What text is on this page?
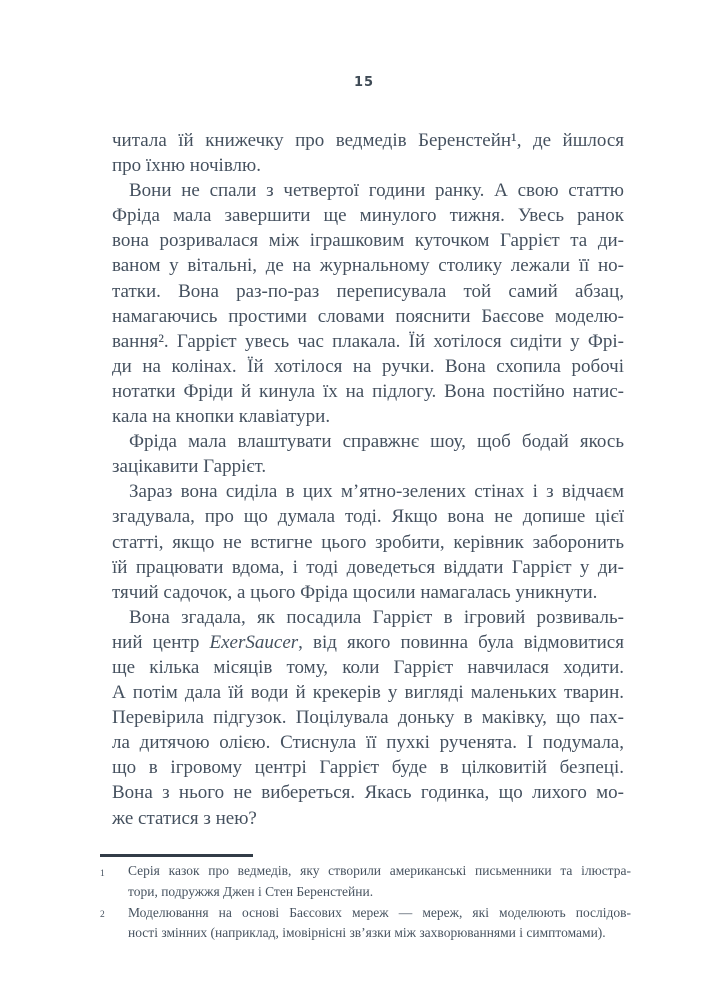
15
читала їй книжечку про ведмедів Беренстейн¹, де йшлося
про їхню ночівлю.
Вони не спали з четвертої години ранку. А свою статтю
Фріда мала завершити ще минулого тижня. Увесь ранок
вона розривалася між іграшковим куточком Гаррієт та ди-
ваном у вітальні, де на журнальному столику лежали її но-
татки. Вона раз-по-раз переписувала той самий абзац,
намагаючись простими словами пояснити Баєсове моделю-
вання². Гаррієт увесь час плакала. Їй хотілося сидіти у Фрі-
ди на колінах. Їй хотілося на ручки. Вона схопила робочі
нотатки Фріди й кинула їх на підлогу. Вона постійно натис-
кала на кнопки клавіатури.
Фріда мала влаштувати справжнє шоу, щоб бодай якось
зацікавити Гаррієт.
Зараз вона сиділа в цих м’ятно-зелених стінах і з відчаєм
згадувала, про що думала тоді. Якщо вона не допише цієї
статті, якщо не встигне цього зробити, керівник заборонить
їй працювати вдома, і тоді доведеться віддати Гаррієт у ди-
тячий садочок, а цього Фріда щосили намагалась уникнути.
Вона згадала, як посадила Гаррієт в ігровий розвиваль-
ний центр ExerSaucer, від якого повинна була відмовитися
ще кілька місяців тому, коли Гаррієт навчилася ходити.
А потім дала їй води й крекерів у вигляді маленьких тварин.
Перевірила підгузок. Поцілувала доньку в маківку, що пах-
ла дитячою олією. Стиснула її пухкі рученята. І подумала,
що в ігровому центрі Гаррієт буде в цілковитій безпеці.
Вона з нього не вибереться. Якась годинка, що лихого мо-
же статися з нею?
1	Серія казок про ведмедів, яку створили американські письменники та ілюстра-
тори, подружжя Джен і Стен Беренстейни.
2	Моделювання на основі Баєсових мереж — мереж, які моделюють послідов-
ності змінних (наприклад, імовірнісні зв’язки між захворюваннями і симптомами).
